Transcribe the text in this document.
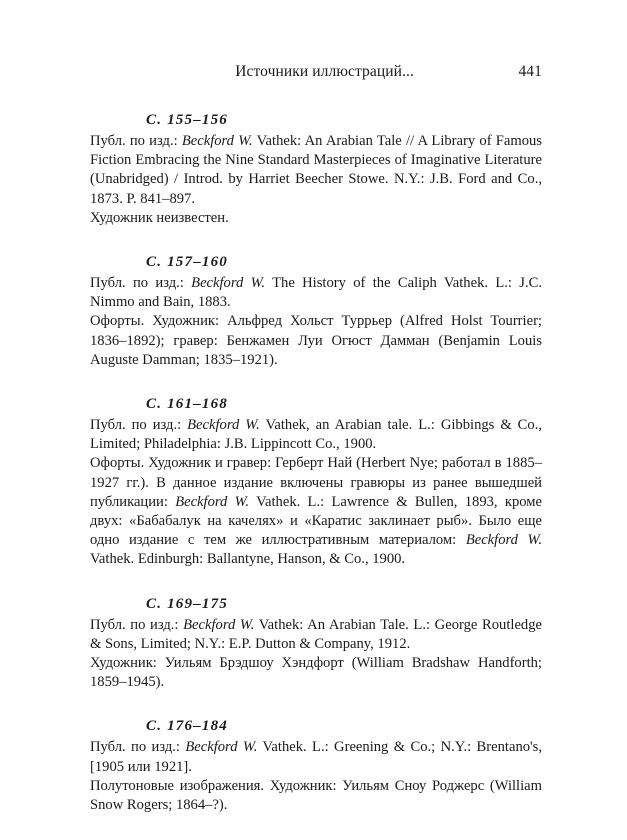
Источники иллюстраций...	441
С. 155–156

Публ. по изд.: Beckford W. Vathek: An Arabian Tale // A Library of Famous Fiction Embracing the Nine Standard Masterpieces of Imaginative Literature (Unabridged) / Introd. by Harriet Beecher Stowe. N.Y.: J.B. Ford and Co., 1873. P. 841–897.

Художник неизвестен.

С. 157–160

Публ. по изд.: Beckford W. The History of the Caliph Vathek. L.: J.C. Nimmo and Bain, 1883.

Офорты. Художник: Альфред Хольст Туррьер (Alfred Holst Tourrier; 1836–1892); гравер: Бенжамен Луи Огюст Дамман (Benjamin Louis Auguste Damman; 1835–1921).

С. 161–168

Публ. по изд.: Beckford W. Vathek, an Arabian tale. L.: Gibbings & Co., Limited; Philadelphia: J.B. Lippincott Co., 1900.

Офорты. Художник и гравер: Герберт Най (Herbert Nye; работал в 1885–1927 гг.). В данное издание включены гравюры из ранее вышедшей публикации: Beckford W. Vathek. L.: Lawrence & Bullen, 1893, кроме двух: «Бабабалук на качелях» и «Каратис заклинает рыб». Было еще одно издание с тем же иллюстративным материалом: Beckford W. Vathek. Edinburgh: Ballantyne, Hanson, & Co., 1900.

С. 169–175

Публ. по изд.: Beckford W. Vathek: An Arabian Tale. L.: George Routledge & Sons, Limited; N.Y.: E.P. Dutton & Company, 1912.

Художник: Уильям Брэдшоу Хэндфорт (William Bradshaw Handforth; 1859–1945).

С. 176–184

Публ. по изд.: Beckford W. Vathek. L.: Greening & Co.; N.Y.: Brentano's, [1905 или 1921].

Полутоновые изображения. Художник: Уильям Сноу Роджерс (William Snow Rogers; 1864–?).
